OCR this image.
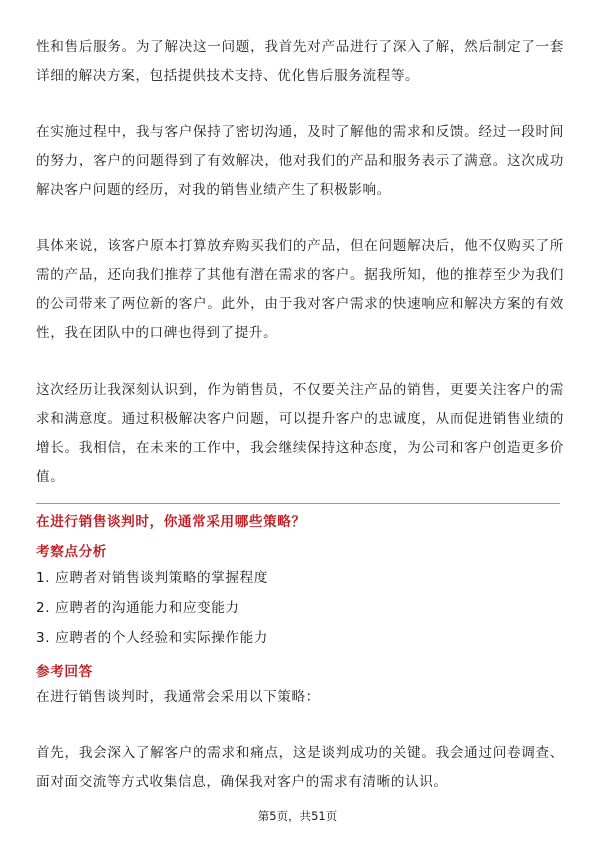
性和售后服务。为了解决这一问题，我首先对产品进行了深入了解，然后制定了一套详细的解决方案，包括提供技术支持、优化售后服务流程等。

在实施过程中，我与客户保持了密切沟通，及时了解他的需求和反馈。经过一段时间的努力，客户的问题得到了有效解决，他对我们的产品和服务表示了满意。这次成功解决客户问题的经历，对我的销售业绩产生了积极影响。

具体来说，该客户原本打算放弃购买我们的产品，但在问题解决后，他不仅购买了所需的产品，还向我们推荐了其他有潜在需求的客户。据我所知，他的推荐至少为我们的公司带来了两位新的客户。此外，由于我对客户需求的快速响应和解决方案的有效性，我在团队中的口碑也得到了提升。

这次经历让我深刻认识到，作为销售员，不仅要关注产品的销售，更要关注客户的需求和满意度。通过积极解决客户问题，可以提升客户的忠诚度，从而促进销售业绩的增长。我相信，在未来的工作中，我会继续保持这种态度，为公司和客户创造更多价值。

在进行销售谈判时，你通常采用哪些策略？
考察点分析
1. 应聘者对销售谈判策略的掌握程度
2. 应聘者的沟通能力和应变能力
3. 应聘者的个人经验和实际操作能力
参考回答
在进行销售谈判时，我通常会采用以下策略：

首先，我会深入了解客户的需求和痛点，这是谈判成功的关键。我会通过问卷调查、面对面交流等方式收集信息，确保我对客户的需求有清晰的认识。

第5页，共51页
